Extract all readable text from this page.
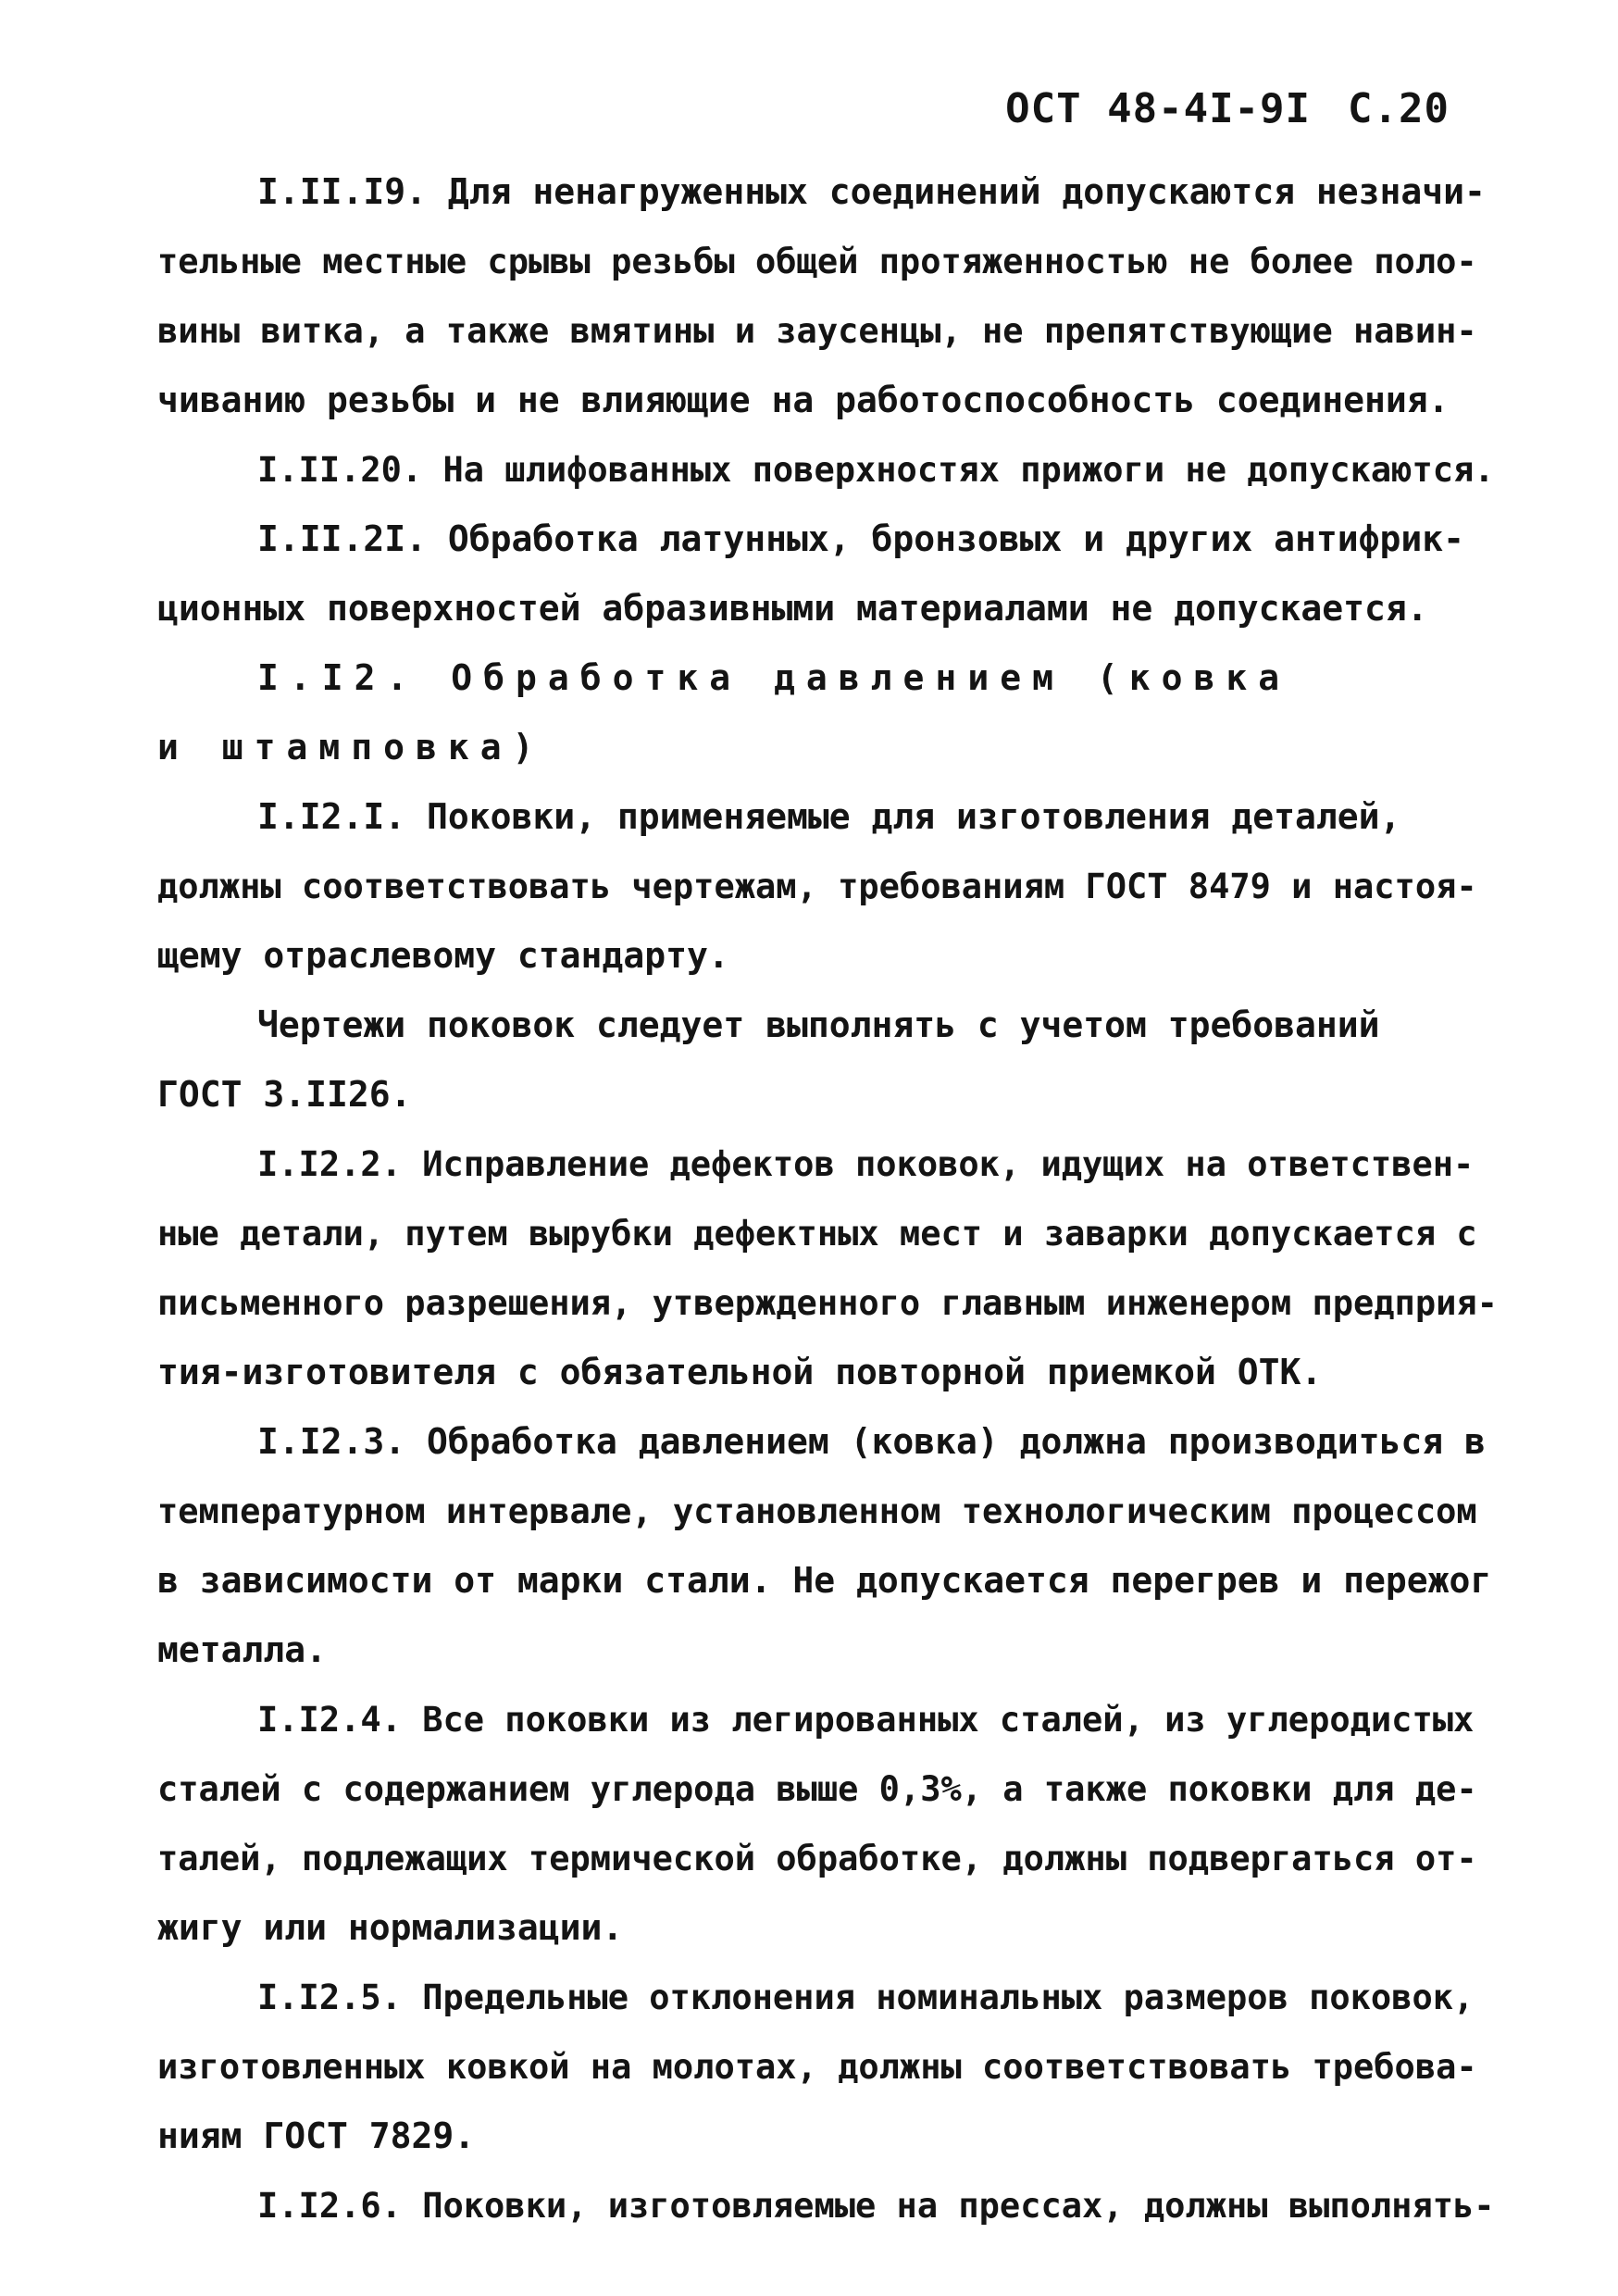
ОСТ 48-4I-9I С.20
I.II.I9. Для ненагруженных соединений допускаются незначи-
тельные местные срывы резьбы общей протяженностью не более поло-
вины витка, а также вмятины и заусенцы, не препятствующие навин-
чиванию резьбы и не влияющие на работоспособность соединения.
I.II.20. На шлифованных поверхностях прижоги не допускаются.
I.II.2I. Обработка латунных, бронзовых и других антифрик-
ционных поверхностей абразивными материалами не допускается.
I.I2. Обработка давлением (ковка
и штамповка)
I.I2.I. Поковки, применяемые для изготовления деталей,
должны соответствовать чертежам, требованиям ГОСТ 8479 и настоя-
щему отраслевому стандарту.
Чертежи поковок следует выполнять с учетом требований
ГОСТ 3.II26.
I.I2.2. Исправление дефектов поковок, идущих на ответствен-
ные детали, путем вырубки дефектных мест и заварки допускается с
письменного разрешения, утвержденного главным инженером предприя-
тия-изготовителя с обязательной повторной приемкой ОТК.
I.I2.3. Обработка давлением (ковка) должна производиться в
температурном интервале, установленном технологическим процессом
в зависимости от марки стали. Не допускается перегрев и пережог
металла.
I.I2.4. Все поковки из легированных сталей, из углеродистых
сталей с содержанием углерода выше 0,3%, а также поковки для де-
талей, подлежащих термической обработке, должны подвергаться от-
жигу или нормализации.
I.I2.5. Предельные отклонения номинальных размеров поковок,
изготовленных ковкой на молотах, должны соответствовать требова-
ниям ГОСТ 7829.
I.I2.6. Поковки, изготовляемые на прессах, должны выполнять-
